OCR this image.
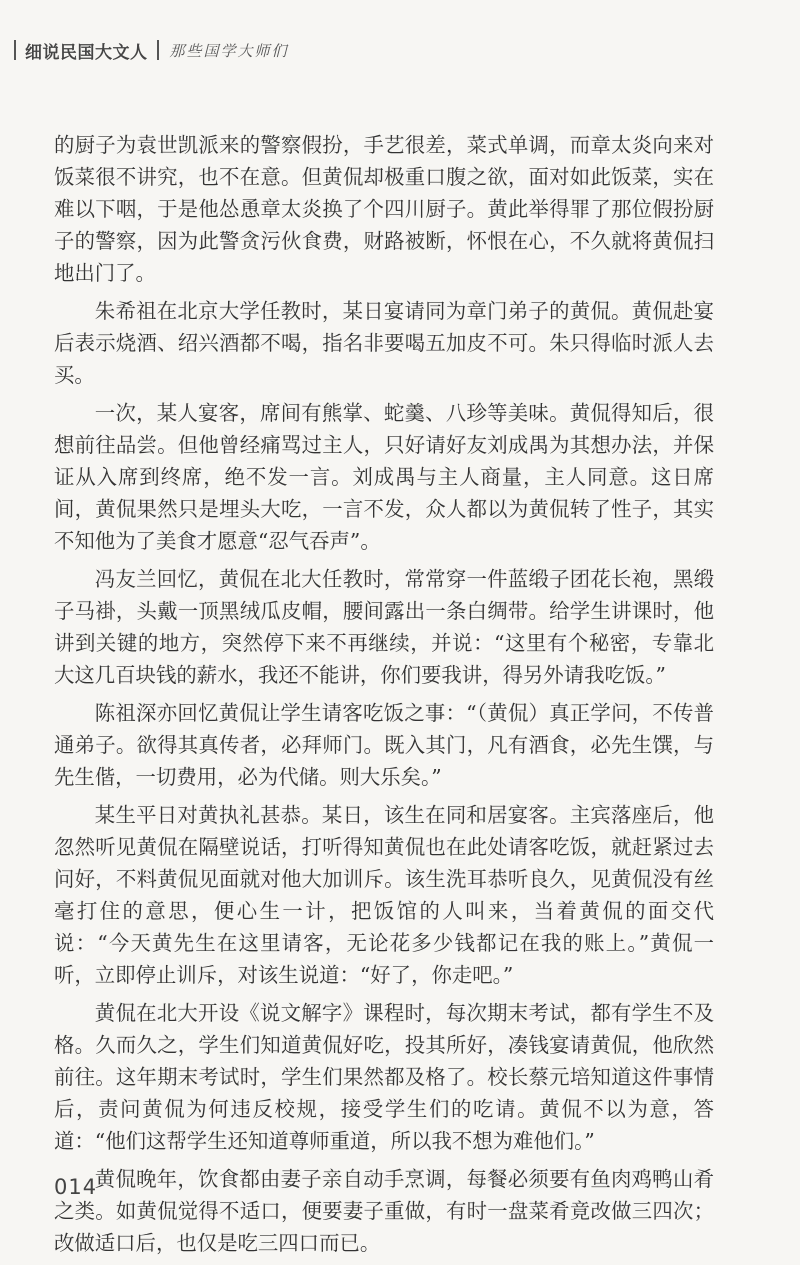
细说民国大文人 那些国学大师们

的厨子为袁世凯派来的警察假扮，手艺很差，菜式单调，而章太炎向来对饭菜很不讲究，也不在意。但黄侃却极重口腹之欲，面对如此饭菜，实在难以下咽，于是他怂恿章太炎换了个四川厨子。黄此举得罪了那位假扮厨子的警察，因为此警贪污伙食费，财路被断，怀恨在心，不久就将黄侃扫地出门了。

朱希祖在北京大学任教时，某日宴请同为章门弟子的黄侃。黄侃赴宴后表示烧酒、绍兴酒都不喝，指名非要喝五加皮不可。朱只得临时派人去买。

一次，某人宴客，席间有熊掌、蛇羹、八珍等美味。黄侃得知后，很想前往品尝。但他曾经痛骂过主人，只好请好友刘成禺为其想办法，并保证从入席到终席，绝不发一言。刘成禺与主人商量，主人同意。这日席间，黄侃果然只是埋头大吃，一言不发，众人都以为黄侃转了性子，其实不知他为了美食才愿意“忍气吞声”。

冯友兰回忆，黄侃在北大任教时，常常穿一件蓝缎子团花长袍，黑缎子马褂，头戴一顶黑绒瓜皮帽，腰间露出一条白绸带。给学生讲课时，他讲到关键的地方，突然停下来不再继续，并说：“这里有个秘密，专靠北大这几百块钱的薪水，我还不能讲，你们要我讲，得另外请我吃饭。”

陈祖深亦回忆黄侃让学生请客吃饭之事：“（黄侃）真正学问，不传普通弟子。欲得其真传者，必拜师门。既入其门，凡有酒食，必先生馔，与先生偕，一切费用，必为代储。则大乐矣。”

某生平日对黄执礼甚恭。某日，该生在同和居宴客。主宾落座后，他忽然听见黄侃在隔壁说话，打听得知黄侃也在此处请客吃饭，就赶紧过去问好，不料黄侃见面就对他大加训斥。该生洗耳恭听良久，见黄侃没有丝毫打住的意思，便心生一计，把饭馆的人叫来，当着黄侃的面交代说：“今天黄先生在这里请客，无论花多少钱都记在我的账上。”黄侃一听，立即停止训斥，对该生说道：“好了，你走吧。”

黄侃在北大开设《说文解字》课程时，每次期末考试，都有学生不及格。久而久之，学生们知道黄侃好吃，投其所好，凑钱宴请黄侃，他欣然前往。这年期末考试时，学生们果然都及格了。校长蔡元培知道这件事情后，责问黄侃为何违反校规，接受学生们的吃请。黄侃不以为意，答道：“他们这帮学生还知道尊师重道，所以我不想为难他们。”

黄侃晚年，饮食都由妻子亲自动手烹调，每餐必须要有鱼肉鸡鸭山肴之类。如黄侃觉得不适口，便要妻子重做，有时一盘菜肴竟改做三四次；改做适口后，也仅是吃三四口而已。

014
